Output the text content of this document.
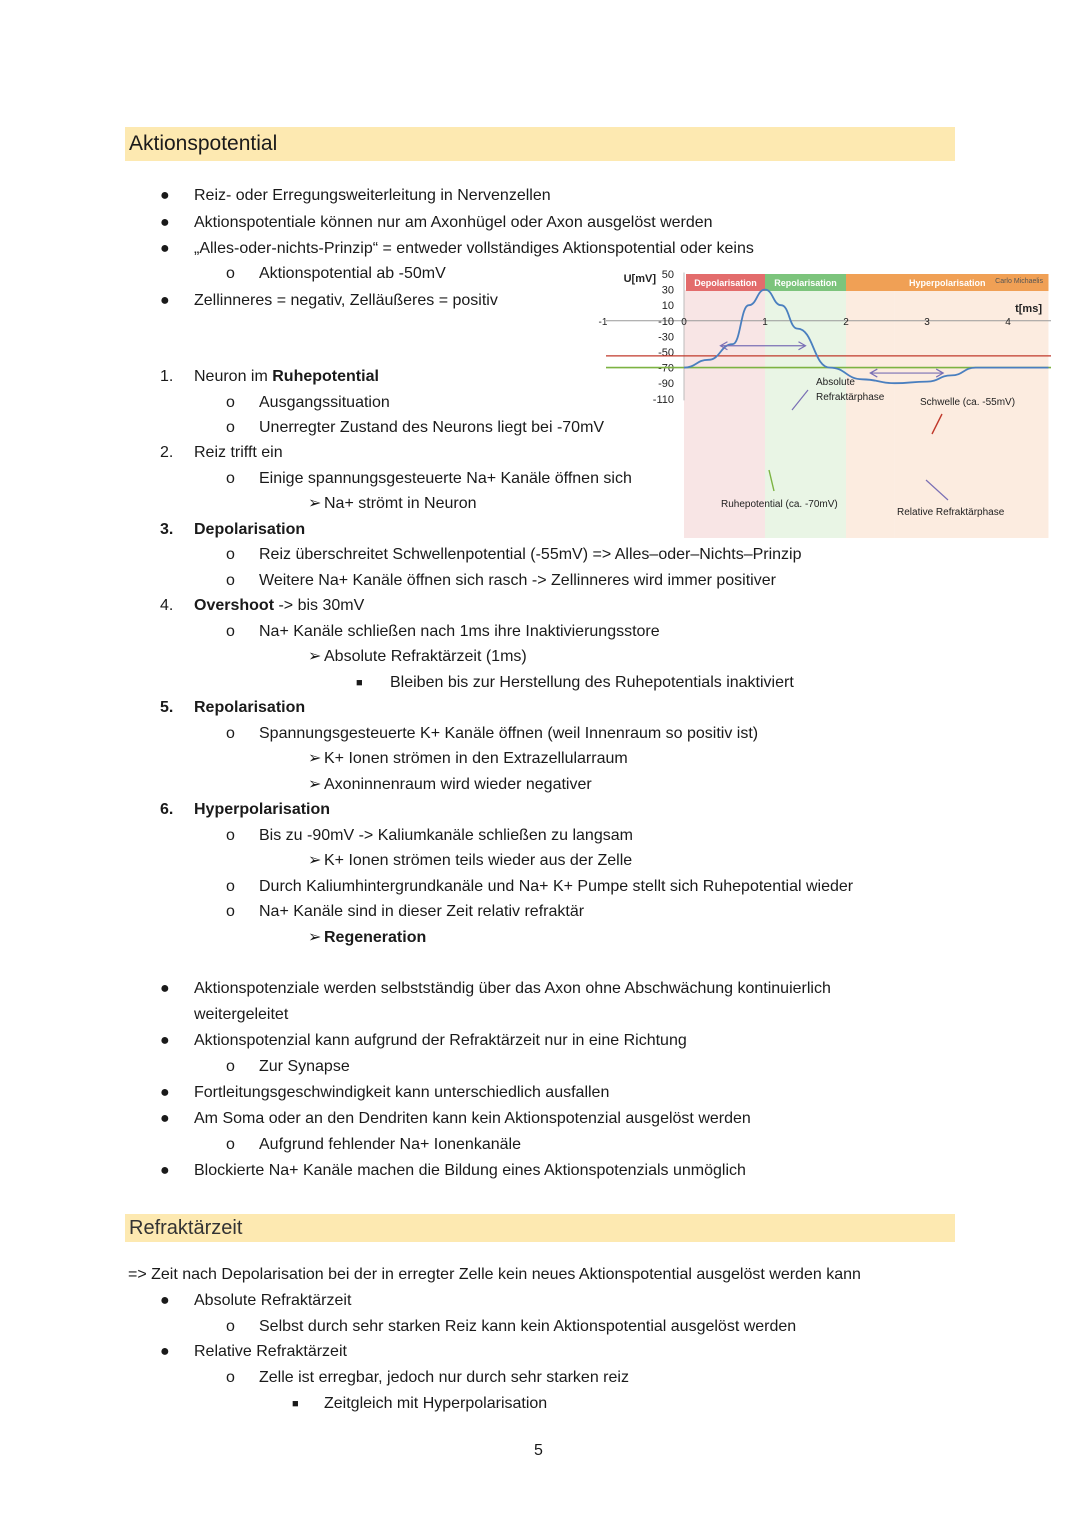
Aktionspotential
Refraktärzeit
● Reiz- oder Erregungsweiterleitung in Nervenzellen
● Aktionspotentiale können nur am Axonhügel oder Axon ausgelöst werden
● „Alles-oder-nichts-Prinzip“ = entweder vollständiges Aktionspotential oder keins
o Aktionspotential ab -50mV
● Zellinneres = negativ, Zelläußeres = positiv
1. Neuron im Ruhepotential
o Ausgangssituation
o Unerregter Zustand des Neurons liegt bei -70mV
2. Reiz trifft ein
o Einige spannungsgesteuerte Na+ Kanäle öffnen sich
➢ Na+ strömt in Neuron
3. Depolarisation
o Reiz überschreitet Schwellenpotential (-55mV) => Alles–oder–Nichts–Prinzip
o Weitere Na+ Kanäle öffnen sich rasch -> Zellinneres wird immer positiver
4. Overshoot -> bis 30mV
o Na+ Kanäle schließen nach 1ms ihre Inaktivierungsstore
➢ Absolute Refraktärzeit (1ms)
■ Bleiben bis zur Herstellung des Ruhepotentials inaktiviert
5. Repolarisation
o Spannungsgesteuerte K+ Kanäle öffnen (weil Innenraum so positiv ist)
➢ K+ Ionen strömen in den Extrazellularraum
➢ Axoninnenraum wird wieder negativer
6. Hyperpolarisation
o Bis zu -90mV -> Kaliumkanäle schließen zu langsam
➢ K+ Ionen strömen teils wieder aus der Zelle
o Durch Kaliumhintergrundkanäle und Na+ K+ Pumpe stellt sich Ruhepotential wieder
o Na+ Kanäle sind in dieser Zeit relativ refraktär
➢ Regeneration
● Aktionspotenziale werden selbstständig über das Axon ohne Abschwächung kontinuierlich
weitergeleitet
● Aktionspotenzial kann aufgrund der Refraktärzeit nur in eine Richtung
o Zur Synapse
● Fortleitungsgeschwindigkeit kann unterschiedlich ausfallen
● Am Soma oder an den Dendriten kann kein Aktionspotenzial ausgelöst werden
o Aufgrund fehlender Na+ Ionenkanäle
● Blockierte Na+ Kanäle machen die Bildung eines Aktionspotenzials unmöglich
=> Zeit nach Depolarisation bei der in erregter Zelle kein neues Aktionspotential ausgelöst werden kann
● Absolute Refraktärzeit
o Selbst durch sehr starken Reiz kann kein Aktionspotential ausgelöst werden
● Relative Refraktärzeit
o Zelle ist erregbar, jedoch nur durch sehr starken reiz
■ Zeitgleich mit Hyperpolarisation
5
Depolarisation Repolarisation	Hyperpolarisation
50
30
10
-10
-30
-50
-70
-90
-110
-1	0	1	2	3	4
U[mV]
t[ms]
Carlo Michaelis
Absolute
Refraktärphase	Schwelle (ca. -55mV)
Ruhepotential (ca. -70mV)
Relative Refraktärphase
